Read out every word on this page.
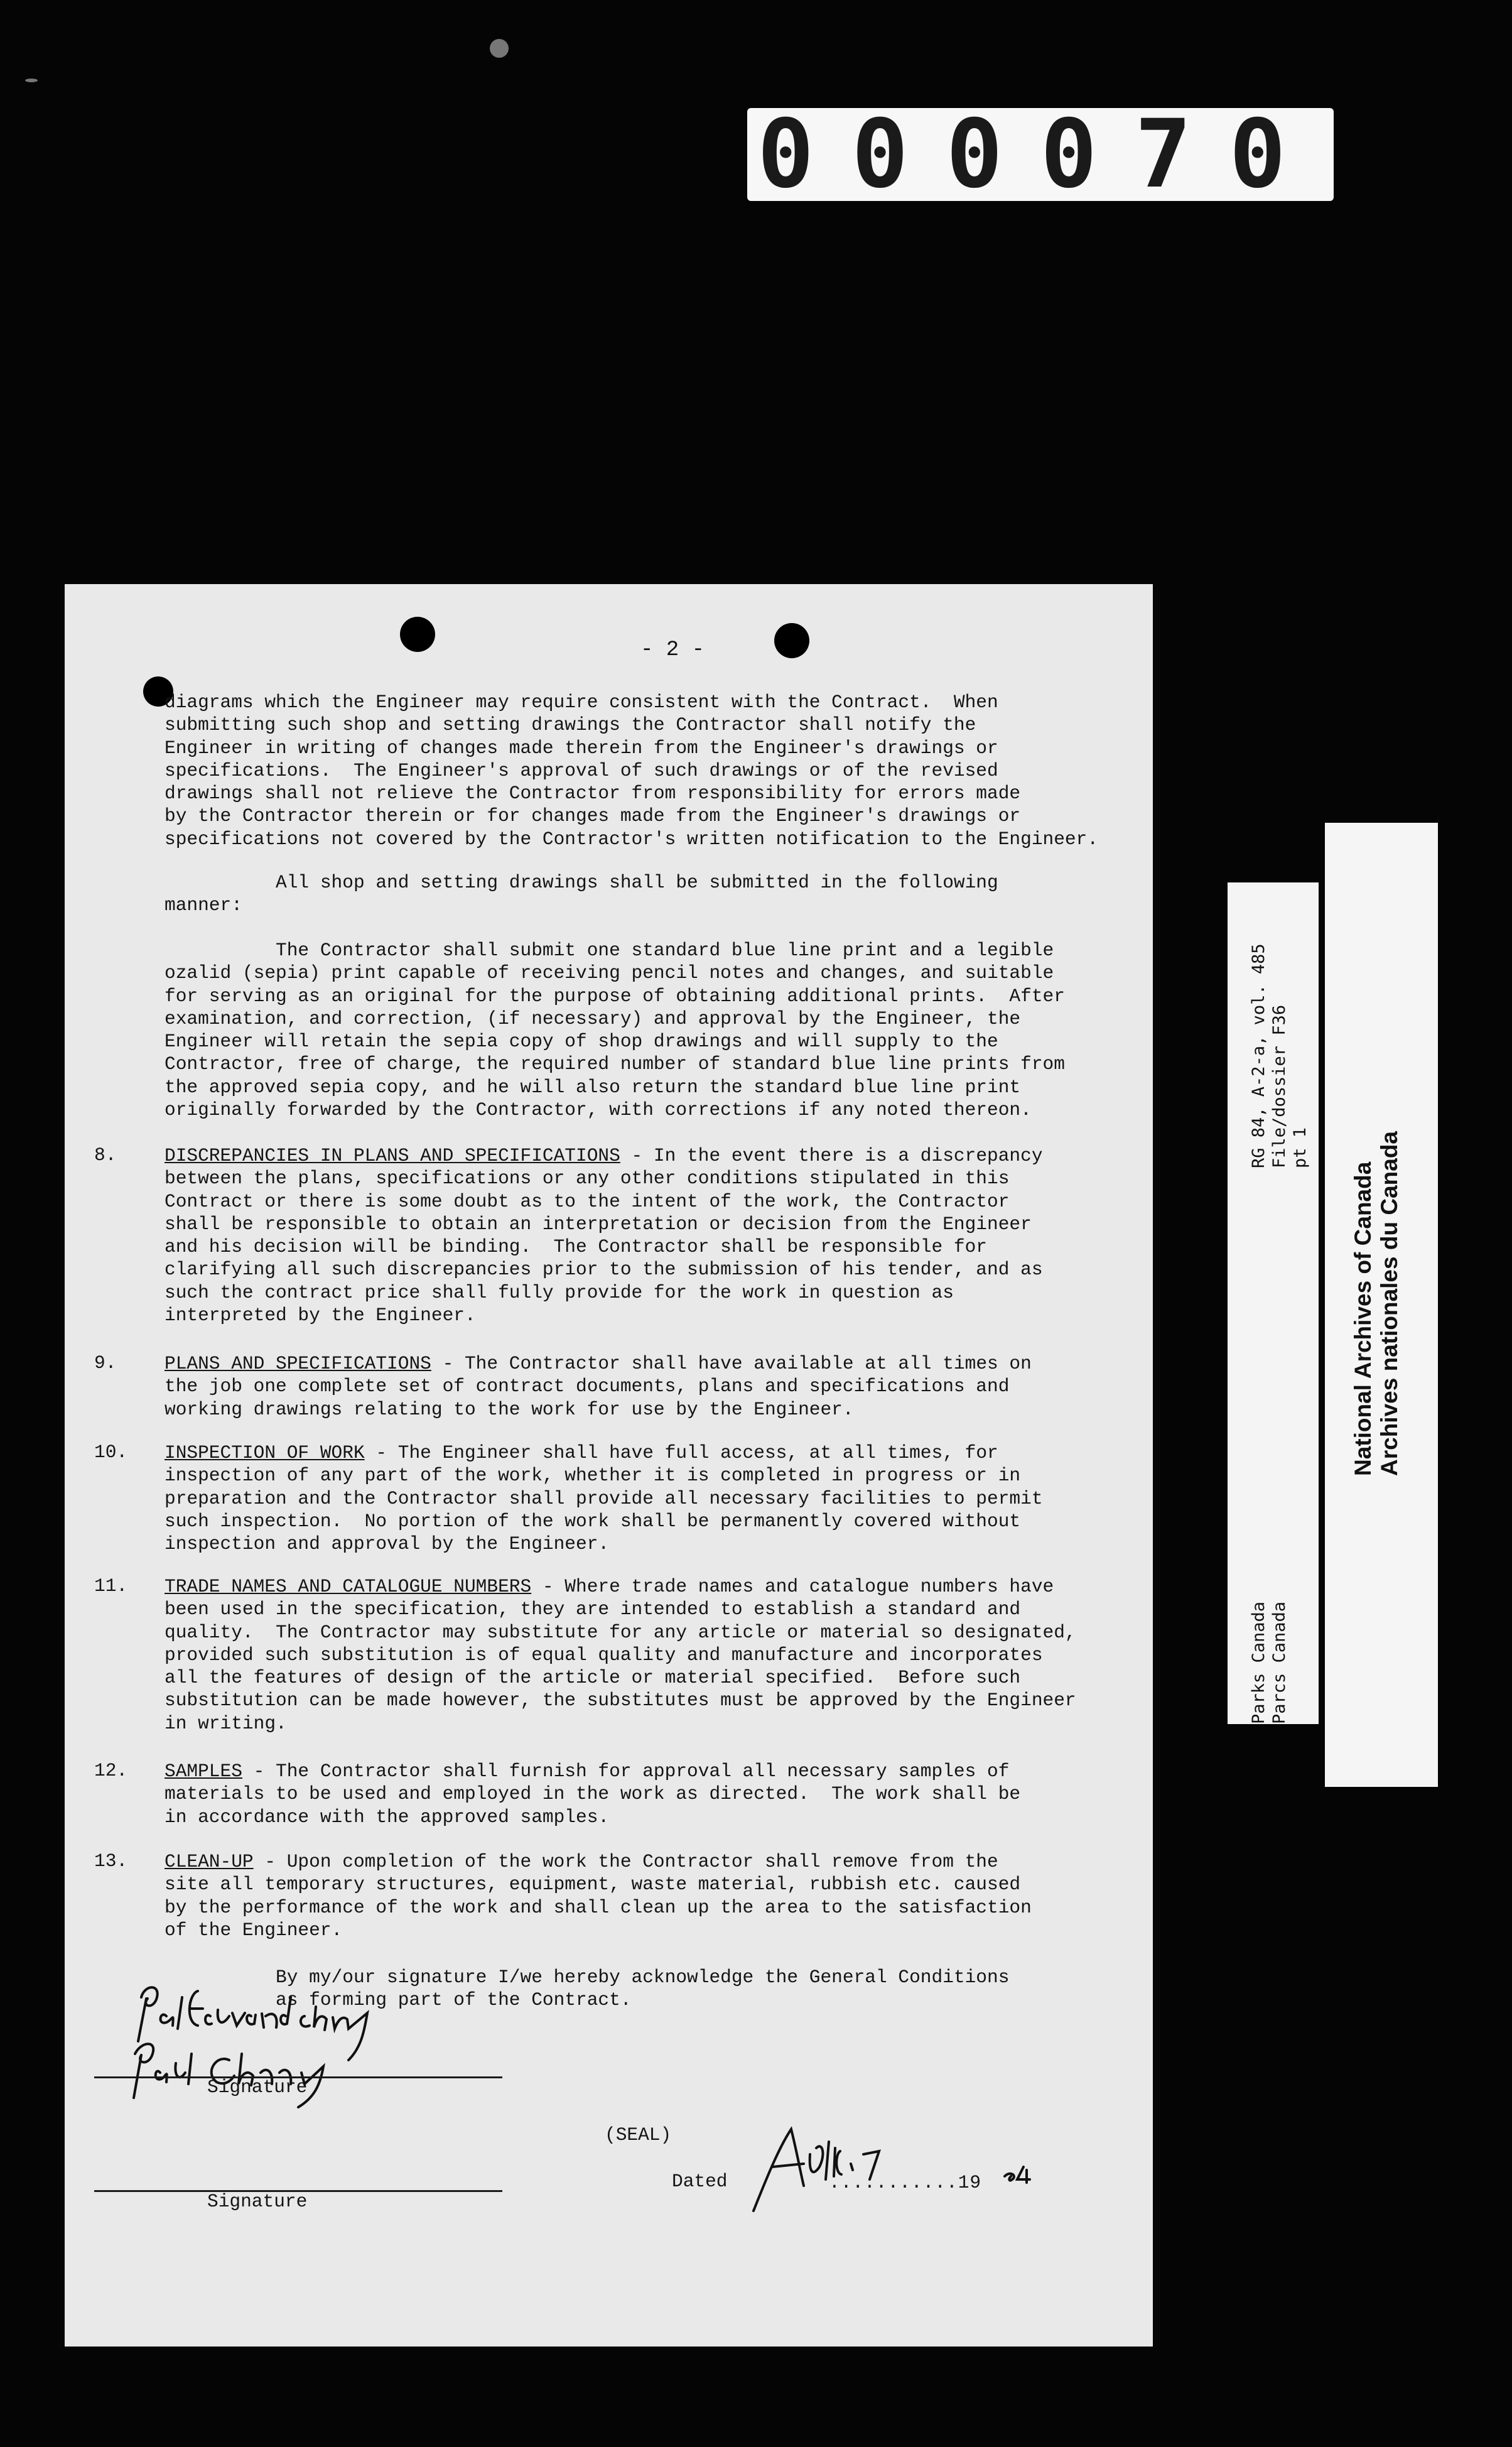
000070
- 2 -
diagrams which the Engineer may require consistent with the Contract.  When
submitting such shop and setting drawings the Contractor shall notify the
Engineer in writing of changes made therein from the Engineer's drawings or
specifications.  The Engineer's approval of such drawings or of the revised
drawings shall not relieve the Contractor from responsibility for errors made
by the Contractor therein or for changes made from the Engineer's drawings or
specifications not covered by the Contractor's written notification to the Engineer.
All shop and setting drawings shall be submitted in the following
manner:
The Contractor shall submit one standard blue line print and a legible
ozalid (sepia) print capable of receiving pencil notes and changes, and suitable
for serving as an original for the purpose of obtaining additional prints.  After
examination, and correction, (if necessary) and approval by the Engineer, the
Engineer will retain the sepia copy of shop drawings and will supply to the
Contractor, free of charge, the required number of standard blue line prints from
the approved sepia copy, and he will also return the standard blue line print
originally forwarded by the Contractor, with corrections if any noted thereon.
8.	DISCREPANCIES IN PLANS AND SPECIFICATIONS - In the event there is a discrepancy
between the plans, specifications or any other conditions stipulated in this
Contract or there is some doubt as to the intent of the work, the Contractor
shall be responsible to obtain an interpretation or decision from the Engineer
and his decision will be binding.  The Contractor shall be responsible for
clarifying all such discrepancies prior to the submission of his tender, and as
such the contract price shall fully provide for the work in question as
interpreted by the Engineer.
9.	PLANS AND SPECIFICATIONS - The Contractor shall have available at all times on
the job one complete set of contract documents, plans and specifications and
working drawings relating to the work for use by the Engineer.
10. INSPECTION OF WORK - The Engineer shall have full access, at all times, for
inspection of any part of the work, whether it is completed in progress or in
preparation and the Contractor shall provide all necessary facilities to permit
such inspection.  No portion of the work shall be permanently covered without
inspection and approval by the Engineer.
11. TRADE NAMES AND CATALOGUE NUMBERS - Where trade names and catalogue numbers have
been used in the specification, they are intended to establish a standard and
quality.  The Contractor may substitute for any article or material so designated,
provided such substitution is of equal quality and manufacture and incorporates
all the features of design of the article or material specified.  Before such
substitution can be made however, the substitutes must be approved by the Engineer
in writing.
12. SAMPLES - The Contractor shall furnish for approval all necessary samples of
materials to be used and employed in the work as directed.  The work shall be
in accordance with the approved samples.
13. CLEAN-UP - Upon completion of the work the Contractor shall remove from the
site all temporary structures, equipment, waste material, rubbish etc. caused
by the performance of the work and shall clean up the area to the satisfaction
of the Engineer.
By my/our signature I/we hereby acknowledge the General Conditions
as forming part of the Contract.
Signature
(SEAL)
Signature
Dated	...........19
RG 84, A-2-a, vol. 485 File/dossier F36 pt 1
Parks Canada Parcs Canada
National Archives of Canada Archives nationales du Canada
